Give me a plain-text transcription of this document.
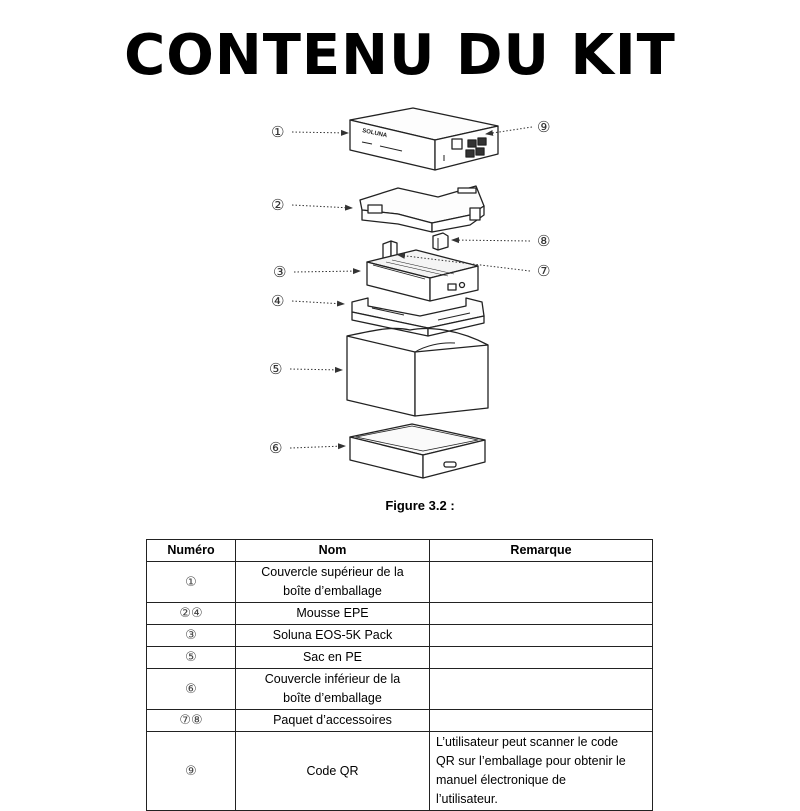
CONTENU DU KIT
SOLUNA
①
②
③
④
⑤
⑥
⑦
⑧
⑨
Figure 3.2 :
Numéro	Nom	Remarque
①	Couvercle supérieur de la
boîte d’emballage	
②④	Mousse EPE	
③	Soluna EOS-5K Pack	
⑤	Sac en PE	
⑥	Couvercle inférieur de la
boîte d’emballage	
⑦⑧	Paquet d’accessoires	
⑨	Code QR	L’utilisateur peut scanner le code
QR sur l’emballage pour obtenir le
manuel électronique de
l’utilisateur.
